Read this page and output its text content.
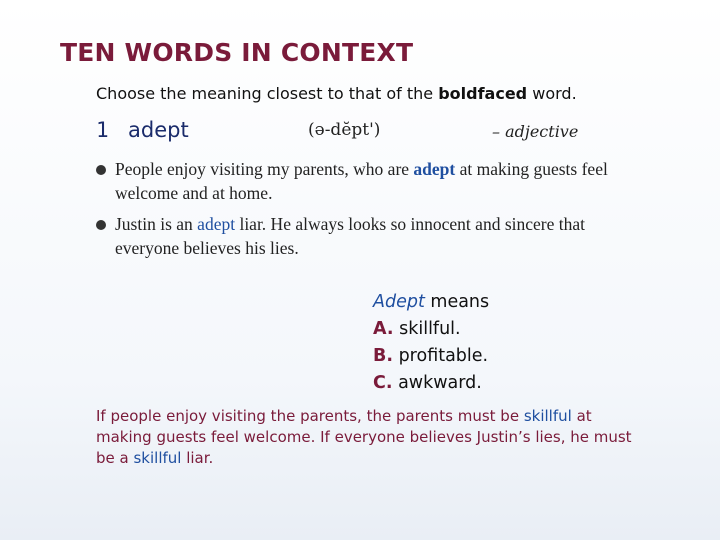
TEN WORDS IN CONTEXT
Choose the meaning closest to that of the boldfaced word.
1 adept	(ə-dĕpt')	– adjective
People enjoy visiting my parents, who are adept at making guests feel welcome and at home.
Justin is an adept liar. He always looks so innocent and sincere that everyone believes his lies.
Adept means
A. skillful.
B. profitable.
C. awkward.
If people enjoy visiting the parents, the parents must be skillful at making guests feel welcome. If everyone believes Justin’s lies, he must be a skillful liar.
